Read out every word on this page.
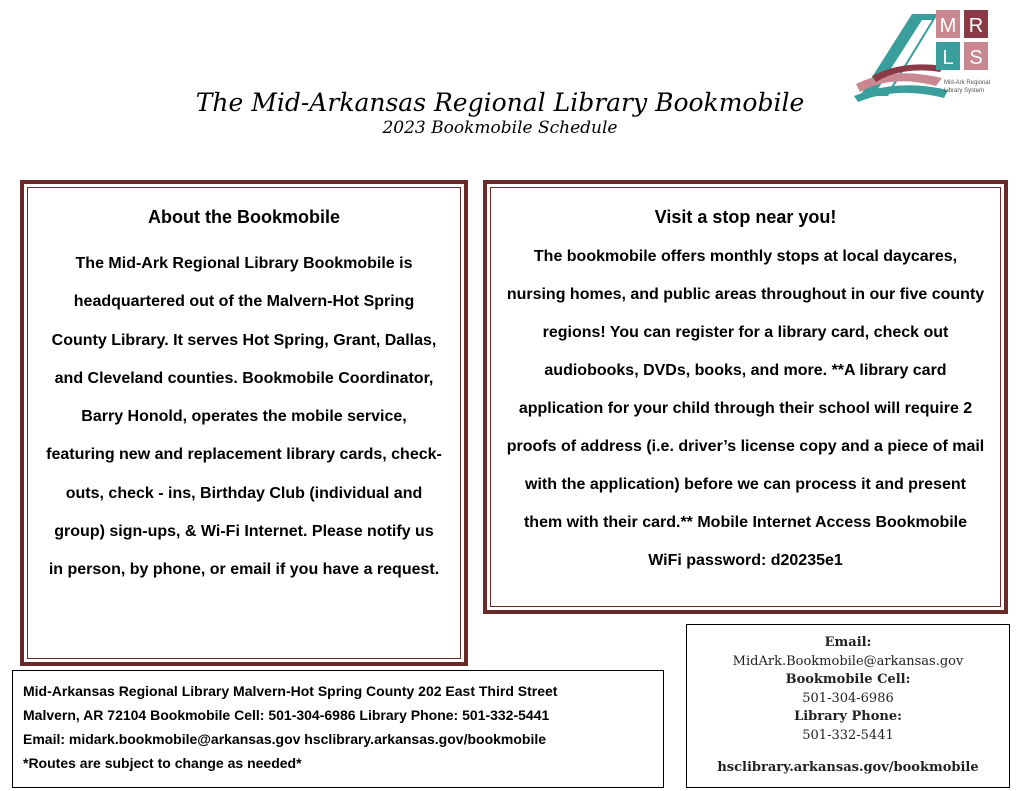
M R
L S
Mid-Ark Regional
Library System

The Mid-Arkansas Regional Library Bookmobile

2023 Bookmobile Schedule

About the Bookmobile

The Mid-Ark Regional Library Bookmobile is headquartered out of the Malvern-Hot Spring County Library. It serves Hot Spring, Grant, Dallas, and Cleveland counties. Bookmobile Coordinator, Barry Honold, operates the mobile service, featuring new and replacement library cards, check-outs, check - ins, Birthday Club (individual and group) sign-ups, & Wi-Fi Internet. Please notify us in person, by phone, or email if you have a request.

Visit a stop near you!

The bookmobile offers monthly stops at local daycares, nursing homes, and public areas throughout in our five county regions! You can register for a library card, check out audiobooks, DVDs, books, and more. **A library card application for your child through their school will require 2 proofs of address (i.e. driver’s license copy and a piece of mail with the application) before we can process it and present them with their card.** Mobile Internet Access Bookmobile WiFi password: d20235e1

Mid-Arkansas Regional Library Malvern-Hot Spring County 202 East Third Street

Malvern, AR 72104 Bookmobile Cell: 501-304-6986 Library Phone: 501-332-5441

Email: midark.bookmobile@arkansas.gov hsclibrary.arkansas.gov/bookmobile

*Routes are subject to change as needed*

Email:
MidArk.Bookmobile@arkansas.gov
Bookmobile Cell:
501-304-6986
Library Phone:
501-332-5441
hsclibrary.arkansas.gov/bookmobile
